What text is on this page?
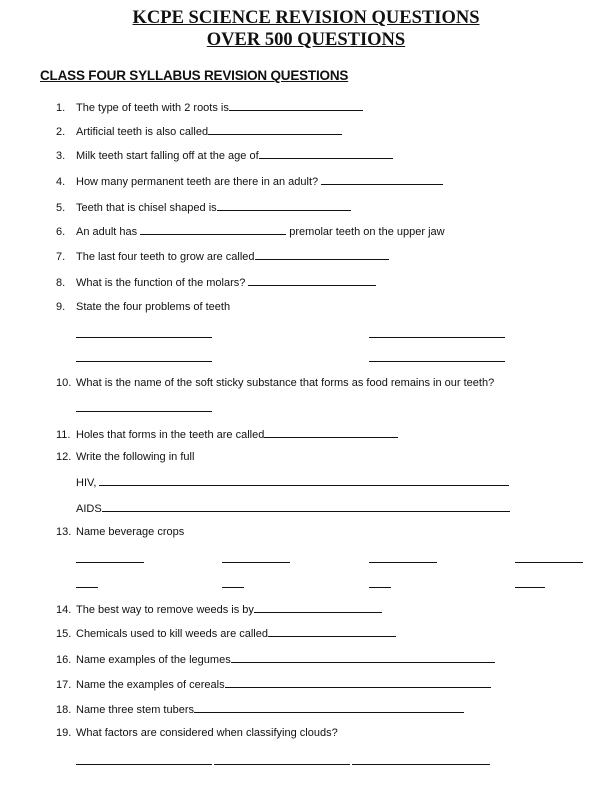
KCPE SCIENCE REVISION QUESTIONS
OVER 500 QUESTIONS
CLASS FOUR SYLLABUS REVISION QUESTIONS
1. The type of teeth with 2 roots is
2. Artificial teeth is also called
3. Milk teeth start falling off at the age of
4. How many permanent teeth are there in an adult?
5. Teeth that is chisel shaped is
6. An adult has	premolar teeth on the upper jaw
7. The last four teeth to grow are called
8. What is the function of the molars?
9. State the four problems of teeth
10. What is the name of the soft sticky substance that forms as food remains in our teeth?
11. Holes that forms in the teeth are called
12. Write the following in full
HIV,
AIDS
13. Name beverage crops
14. The best way to remove weeds is by
15. Chemicals used to kill weeds are called
16. Name examples of the legumes
17. Name the examples of cereals
18. Name three stem tubers
19. What factors are considered when classifying clouds?
